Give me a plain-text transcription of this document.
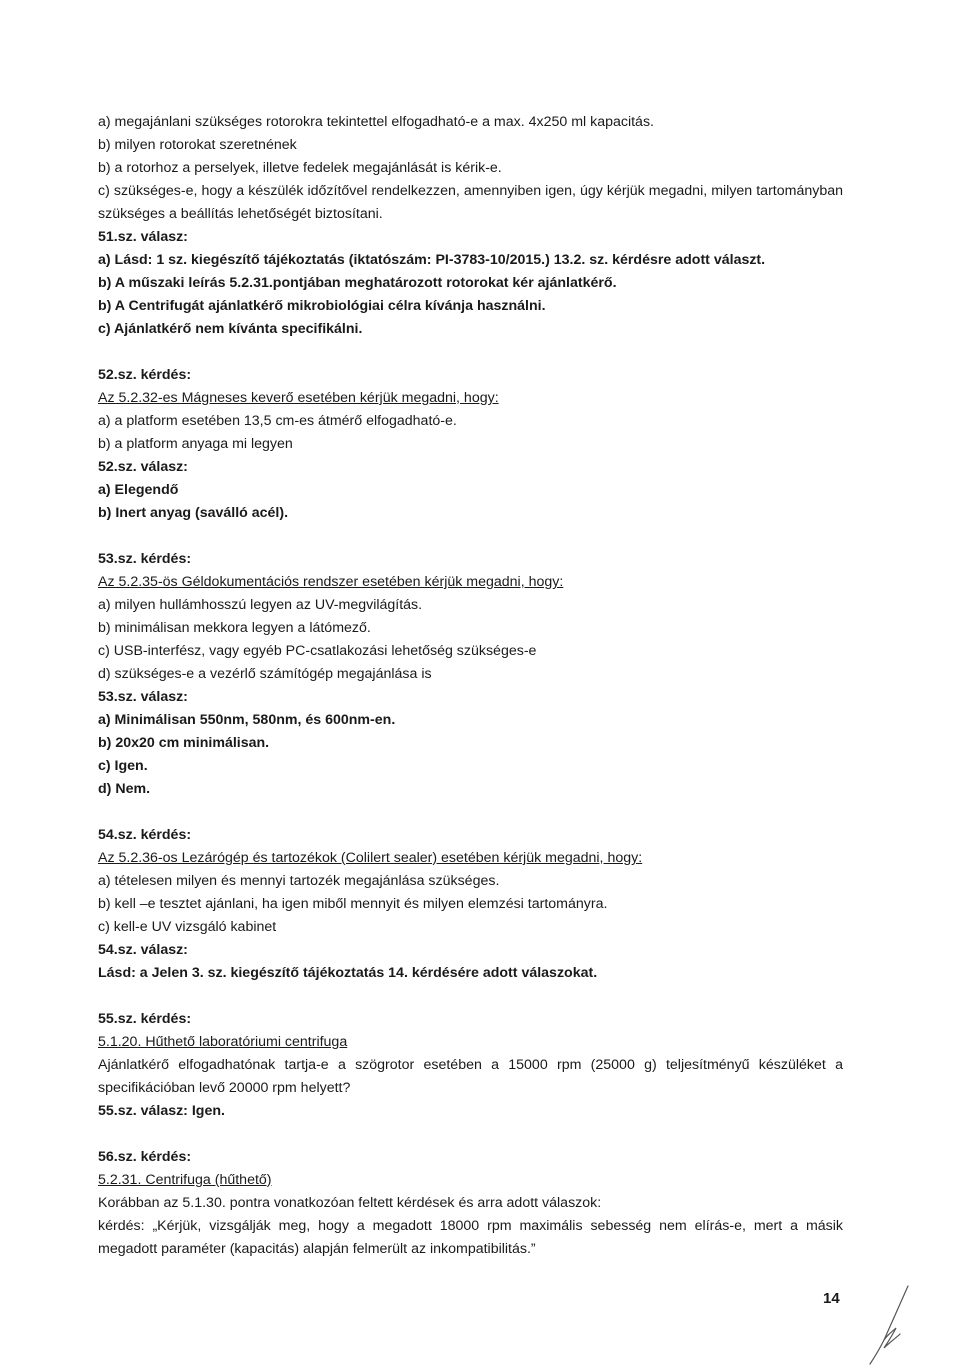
a) megajánlani szükséges rotorokra tekintettel elfogadható-e a max. 4x250 ml kapacitás.

b) milyen rotorokat szeretnének

b) a rotorhoz a perselyek, illetve fedelek megajánlását is kérik-e.

c) szükséges-e, hogy a készülék időzítővel rendelkezzen, amennyiben igen, úgy kérjük megadni, milyen tartományban szükséges a beállítás lehetőségét biztosítani.

51.sz. válasz:

a) Lásd: 1 sz. kiegészítő tájékoztatás (iktatószám: PI-3783-10/2015.) 13.2. sz. kérdésre adott választ.

b) A műszaki leírás 5.2.31.pontjában meghatározott rotorokat kér ajánlatkérő.

b) A Centrifugát ajánlatkérő mikrobiológiai célra kívánja használni.

c) Ajánlatkérő nem kívánta specifikálni.

52.sz. kérdés:

Az 5.2.32-es Mágneses keverő esetében kérjük megadni, hogy:

a) a platform esetében 13,5 cm-es átmérő elfogadható-e.

b) a platform anyaga mi legyen

52.sz. válasz:

a) Elegendő

b) Inert anyag (saválló acél).

53.sz. kérdés:

Az 5.2.35-ös Géldokumentációs rendszer esetében kérjük megadni, hogy:

a) milyen hullámhosszú legyen az UV-megvilágítás.

b) minimálisan mekkora legyen a látómező.

c) USB-interfész, vagy egyéb PC-csatlakozási lehetőség szükséges-e

d) szükséges-e a vezérlő számítógép megajánlása is

53.sz. válasz:

a) Minimálisan 550nm, 580nm, és 600nm-en.

b) 20x20 cm minimálisan.

c) Igen.

d) Nem.

54.sz. kérdés:

Az 5.2.36-os Lezárógép és tartozékok (Colilert sealer) esetében kérjük megadni, hogy:

a) tételesen milyen és mennyi tartozék megajánlása szükséges.

b) kell –e tesztet ajánlani, ha igen miből mennyit és milyen elemzési tartományra.

c) kell-e UV vizsgáló kabinet

54.sz. válasz:

Lásd: a Jelen 3. sz. kiegészítő tájékoztatás 14. kérdésére adott válaszokat.

55.sz. kérdés:

5.1.20. Hűthető laboratóriumi centrifuga

Ajánlatkérő elfogadhatónak tartja-e a szögrotor esetében a 15000 rpm (25000 g) teljesítményű készüléket a specifikációban levő 20000 rpm helyett?

55.sz. válasz: Igen.

56.sz. kérdés:

5.2.31. Centrifuga (hűthető)

Korábban az 5.1.30. pontra vonatkozóan feltett kérdések és arra adott válaszok:

kérdés: „Kérjük, vizsgálják meg, hogy a megadott 18000 rpm maximális sebesség nem elírás-e, mert a másik megadott paraméter (kapacitás) alapján felmerült az inkompatibilitás.”

14
